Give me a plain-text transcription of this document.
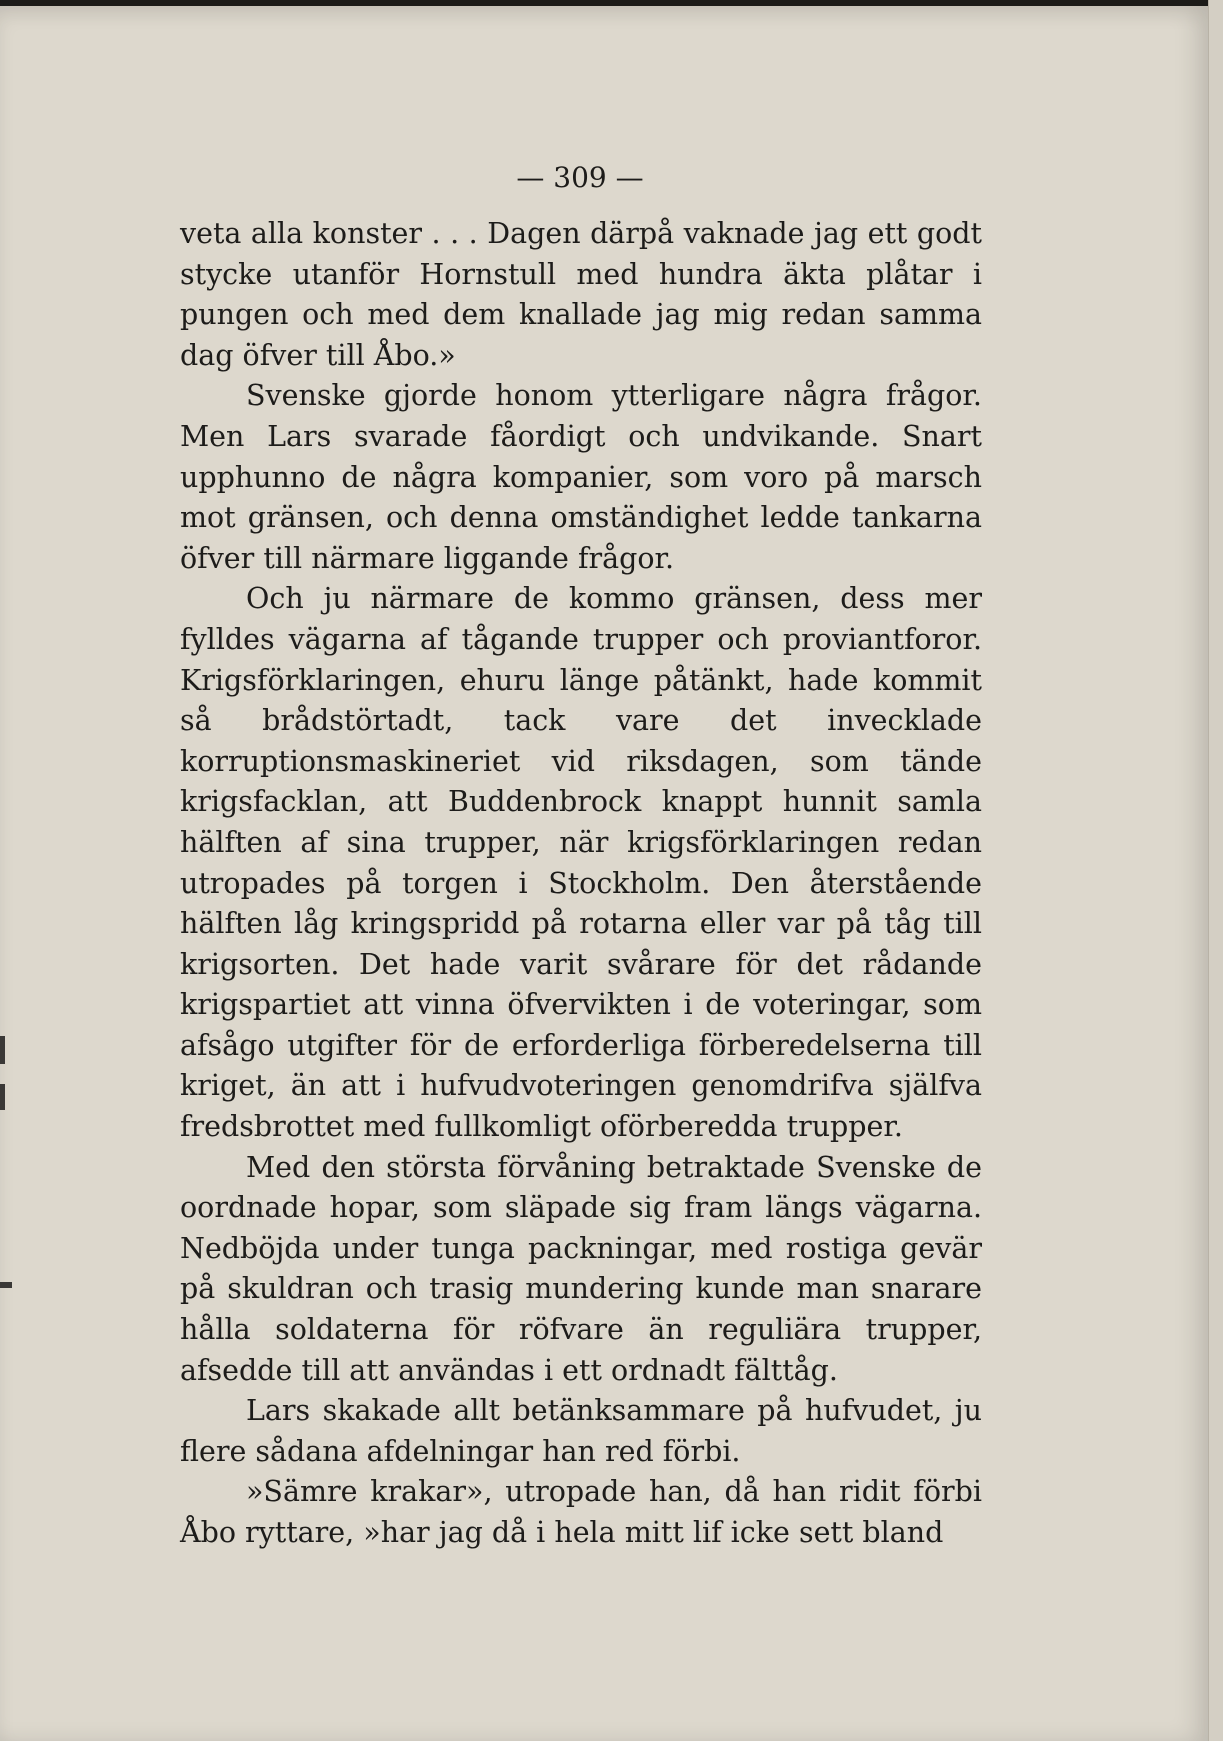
— 309 —

veta alla konster . . . Dagen därpå vaknade jag ett godt stycke utanför Hornstull med hundra äkta plåtar i pungen och med dem knallade jag mig redan samma dag öfver till Åbo.»

Svenske gjorde honom ytterligare några frågor. Men Lars svarade fåordigt och undvikande. Snart upphunno de några kompanier, som voro på marsch mot gränsen, och denna omständighet ledde tankarna öfver till närmare liggande frågor.

Och ju närmare de kommo gränsen, dess mer fylldes vägarna af tågande trupper och proviantforor. Krigsförklaringen, ehuru länge påtänkt, hade kommit så brådstörtadt, tack vare det invecklade korruptionsmaskineriet vid riksdagen, som tände krigsfacklan, att Buddenbrock knappt hunnit samla hälften af sina trupper, när krigsförklaringen redan utropades på torgen i Stockholm. Den återstående hälften låg kringspridd på rotarna eller var på tåg till krigsorten. Det hade varit svårare för det rådande krigspartiet att vinna öfvervikten i de voteringar, som afsågo utgifter för de erforderliga förberedelserna till kriget, än att i hufvudvoteringen genomdrifva själfva fredsbrottet med fullkomligt oförberedda trupper.

Med den största förvåning betraktade Svenske de oordnade hopar, som släpade sig fram längs vägarna. Nedböjda under tunga packningar, med rostiga gevär på skuldran och trasig mundering kunde man snarare hålla soldaterna för röfvare än reguliära trupper, afsedde till att användas i ett ordnadt fälttåg.

Lars skakade allt betänksammare på hufvudet, ju flere sådana afdelningar han red förbi.

»Sämre krakar», utropade han, då han ridit förbi Åbo ryttare, »har jag då i hela mitt lif icke sett bland
